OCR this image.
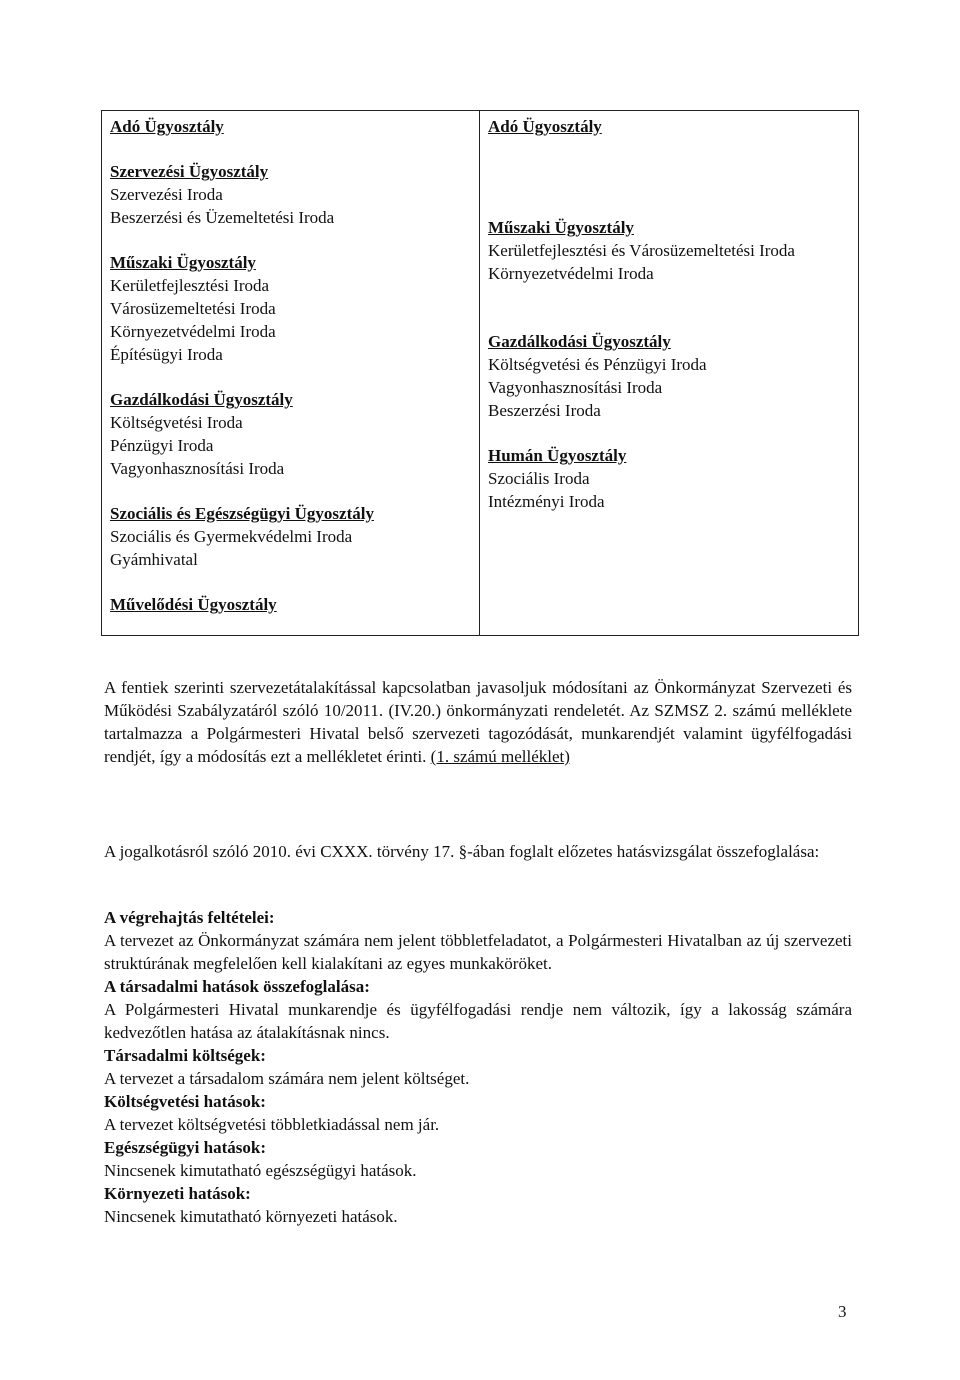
Adó Ügyosztály
Szervezési Ügyosztály
Szervezési Iroda
Beszerzési és Üzemeltetési Iroda
Műszaki Ügyosztály
Kerületfejlesztési Iroda
Városüzemeltetési Iroda
Környezetvédelmi Iroda
Építésügyi Iroda
Gazdálkodási Ügyosztály
Költségvetési Iroda
Pénzügyi Iroda
Vagyonhasznosítási Iroda
Szociális és Egészségügyi Ügyosztály
Szociális és Gyermekvédelmi Iroda
Gyámhivatal
Művelődési Ügyosztály
Adó Ügyosztály
Műszaki Ügyosztály
Kerületfejlesztési és Városüzemeltetési Iroda
Környezetvédelmi Iroda
Gazdálkodási Ügyosztály
Költségvetési és Pénzügyi Iroda
Vagyonhasznosítási Iroda
Beszerzési Iroda
Humán Ügyosztály
Szociális Iroda
Intézményi Iroda
A fentiek szerinti szervezetátalakítással kapcsolatban javasoljuk módosítani az Önkormányzat Szervezeti és Működési Szabályzatáról szóló 10/2011. (IV.20.) önkormányzati rendeletét. Az SZMSZ 2. számú melléklete tartalmazza a Polgármesteri Hivatal belső szervezeti tagozódását, munkarendjét valamint ügyfélfogadási rendjét, így a módosítás ezt a mellékletet érinti. (1. számú melléklet)
A jogalkotásról szóló 2010. évi CXXX. törvény 17. §-ában foglalt előzetes hatásvizsgálat összefoglalása:
A végrehajtás feltételei:
A tervezet az Önkormányzat számára nem jelent többletfeladatot, a Polgármesteri Hivatalban az új szervezeti struktúrának megfelelően kell kialakítani az egyes munkaköröket.
A társadalmi hatások összefoglalása:
A Polgármesteri Hivatal munkarendje és ügyfélfogadási rendje nem változik, így a lakosság számára kedvezőtlen hatása az átalakításnak nincs.
Társadalmi költségek:
A tervezet a társadalom számára nem jelent költséget.
Költségvetési hatások:
A tervezet költségvetési többletkiadással nem jár.
Egészségügyi hatások:
Nincsenek kimutatható egészségügyi hatások.
Környezeti hatások:
Nincsenek kimutatható környezeti hatások.
3
